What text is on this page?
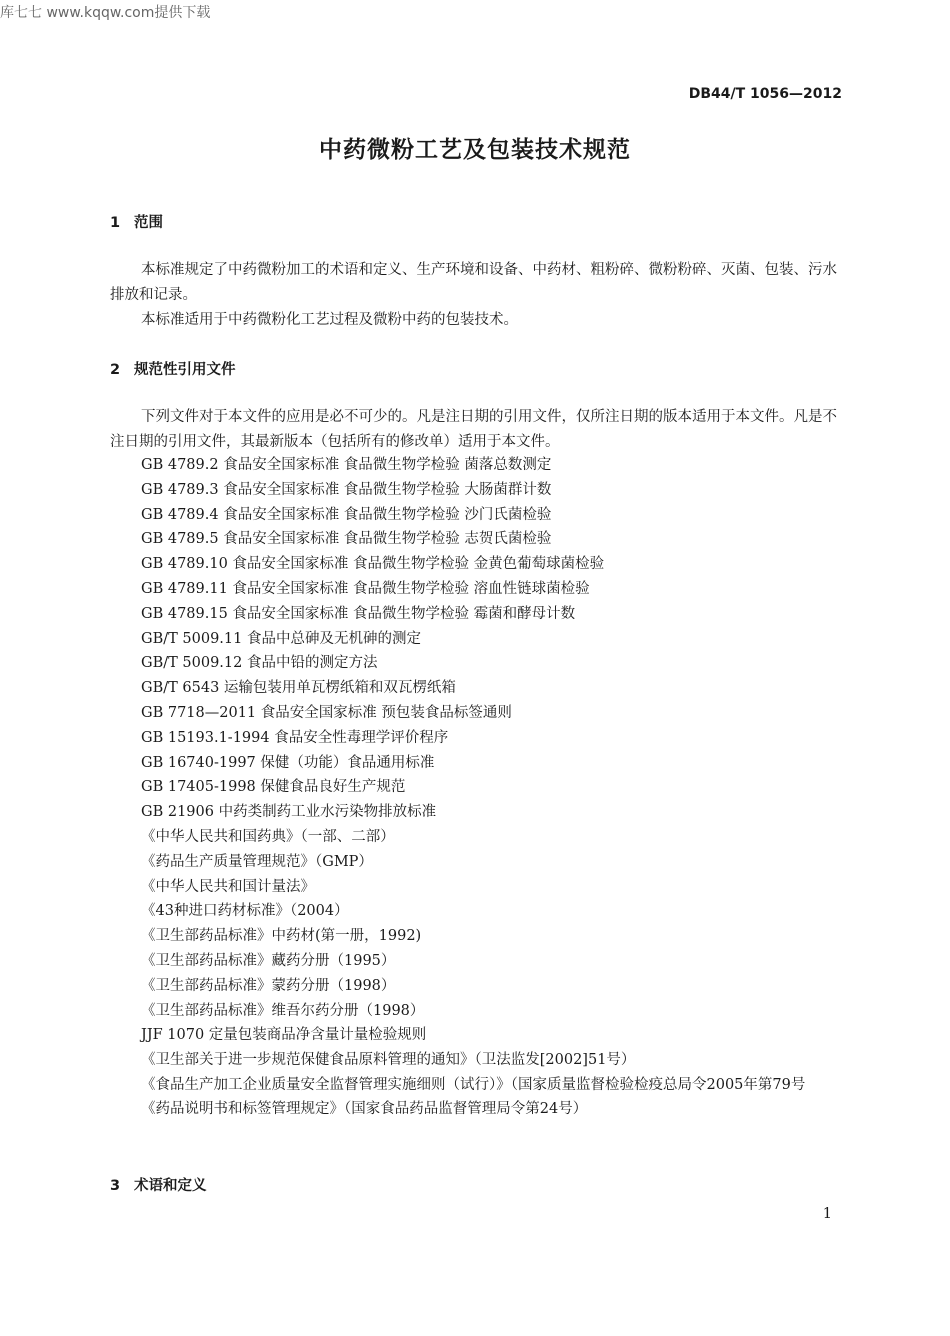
库七七 www.kqqw.com提供下载
DB44/T 1056—2012
中药微粉工艺及包装技术规范
1 范围
本标准规定了中药微粉加工的术语和定义、生产环境和设备、中药材、粗粉碎、微粉粉碎、灭菌、包装、污水排放和记录。
本标准适用于中药微粉化工艺过程及微粉中药的包装技术。
2 规范性引用文件
下列文件对于本文件的应用是必不可少的。凡是注日期的引用文件，仅所注日期的版本适用于本文件。凡是不注日期的引用文件，其最新版本（包括所有的修改单）适用于本文件。
GB 4789.2 食品安全国家标准 食品微生物学检验 菌落总数测定
GB 4789.3 食品安全国家标准 食品微生物学检验 大肠菌群计数
GB 4789.4 食品安全国家标准 食品微生物学检验 沙门氏菌检验
GB 4789.5 食品安全国家标准 食品微生物学检验 志贺氏菌检验
GB 4789.10 食品安全国家标准 食品微生物学检验 金黄色葡萄球菌检验
GB 4789.11 食品安全国家标准 食品微生物学检验 溶血性链球菌检验
GB 4789.15 食品安全国家标准 食品微生物学检验 霉菌和酵母计数
GB/T 5009.11 食品中总砷及无机砷的测定
GB/T 5009.12 食品中铅的测定方法
GB/T 6543 运输包装用单瓦楞纸箱和双瓦楞纸箱
GB 7718—2011 食品安全国家标准 预包装食品标签通则
GB 15193.1-1994 食品安全性毒理学评价程序
GB 16740-1997 保健（功能）食品通用标准
GB 17405-1998 保健食品良好生产规范
GB 21906 中药类制药工业水污染物排放标准
《中华人民共和国药典》（一部、二部）
《药品生产质量管理规范》（GMP）
《中华人民共和国计量法》
《43种进口药材标准》（2004）
《卫生部药品标准》中药材(第一册，1992)
《卫生部药品标准》藏药分册（1995）
《卫生部药品标准》蒙药分册（1998）
《卫生部药品标准》维吾尔药分册（1998）
JJF 1070 定量包装商品净含量计量检验规则
《卫生部关于进一步规范保健食品原料管理的通知》（卫法监发[2002]51号）
《食品生产加工企业质量安全监督管理实施细则（试行）》（国家质量监督检验检疫总局令2005年第79号
《药品说明书和标签管理规定》（国家食品药品监督管理局令第24号）
3 术语和定义
1
